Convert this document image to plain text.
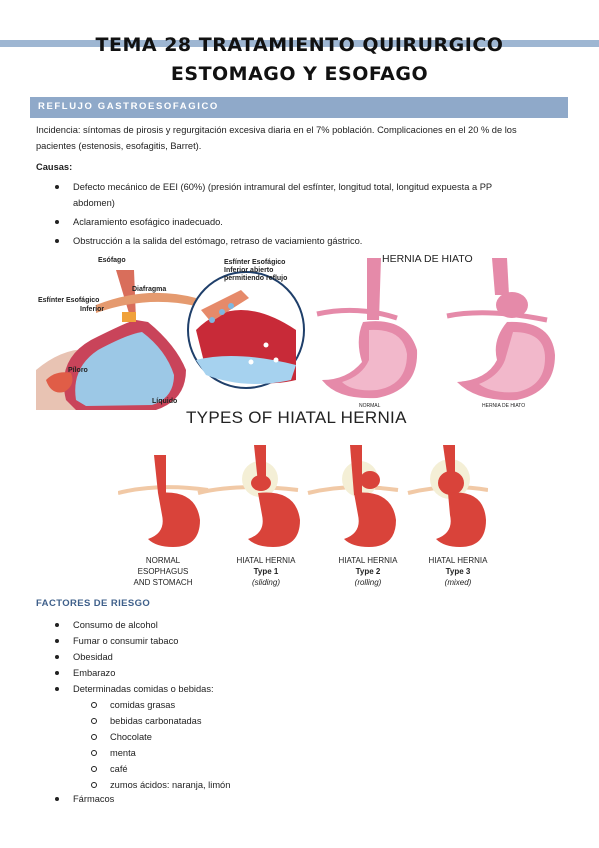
TEMA 28 TRATAMIENTO QUIRURGICO
ESTOMAGO Y ESOFAGO
REFLUJO GASTROESOFAGICO
Incidencia: síntomas de pirosis y regurgitación excesiva diaria en el 7% población. Complicaciones en el 20 % de los
pacientes (estenosis, esofagitis, Barret).
Causas:
Defecto mecánico de EEI (60%) (presión intramural del esfínter, longitud total, longitud expuesta a PP
abdomen)
Aclaramiento esofágico inadecuado.
Obstrucción a la salida del estómago, retraso de vaciamiento gástrico.
Esófago
Diafragma
Esfínter Esofágico
Inferior
Píloro
Líquido
Esfínter Esofágico
Inferior abierto
permitiendo reflujo
HERNIA DE HIATO
NORMAL	HERNIA DE HIATO
TYPES OF HIATAL HERNIA
NORMAL
ESOPHAGUS
AND STOMACH
HIATAL HERNIA
Type 1
(sliding)
HIATAL HERNIA
Type 2
(rolling)
HIATAL HERNIA
Type 3
(mixed)
FACTORES DE RIESGO
Consumo de alcohol
Fumar o consumir tabaco
Obesidad
Embarazo
Determinadas comidas o bebidas:
comidas grasas
bebidas carbonatadas
Chocolate
menta
café
zumos ácidos: naranja, limón
Fármacos
